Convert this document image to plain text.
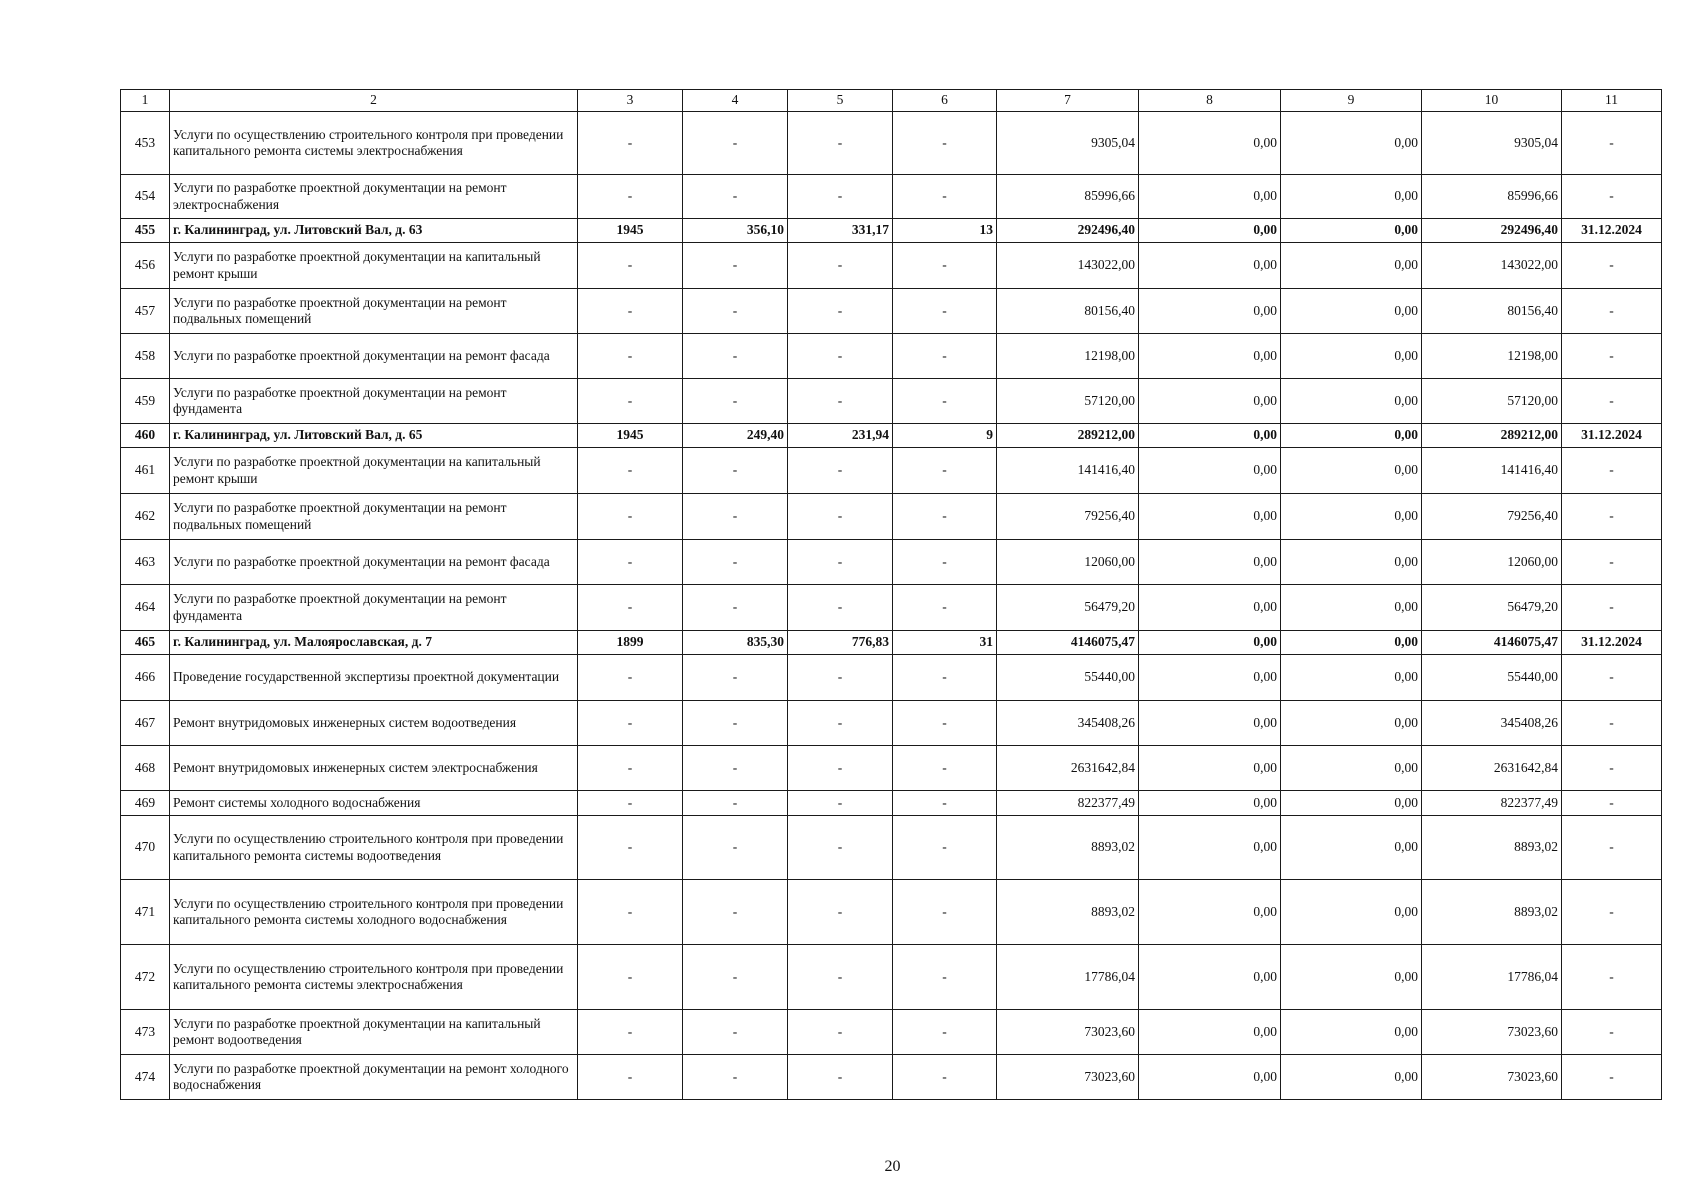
1	2	3	4	5	6	7	8	9	10	11
453	Услуги по осуществлению строительного контроля при проведении капитального ремонта системы электроснабжения	-	-	-	-	9305,04	0,00	0,00	9305,04	-
454	Услуги по разработке проектной документации на ремонт электроснабжения	-	-	-	-	85996,66	0,00	0,00	85996,66	-
455	г. Калининград, ул. Литовский Вал, д. 63	1945	356,10	331,17	13	292496,40	0,00	0,00	292496,40	31.12.2024
456	Услуги по разработке проектной документации на капитальный ремонт крыши	-	-	-	-	143022,00	0,00	0,00	143022,00	-
457	Услуги по разработке проектной документации на ремонт подвальных помещений	-	-	-	-	80156,40	0,00	0,00	80156,40	-
458	Услуги по разработке проектной документации на ремонт фасада	-	-	-	-	12198,00	0,00	0,00	12198,00	-
459	Услуги по разработке проектной документации на ремонт фундамента	-	-	-	-	57120,00	0,00	0,00	57120,00	-
460	г. Калининград, ул. Литовский Вал, д. 65	1945	249,40	231,94	9	289212,00	0,00	0,00	289212,00	31.12.2024
461	Услуги по разработке проектной документации на капитальный ремонт крыши	-	-	-	-	141416,40	0,00	0,00	141416,40	-
462	Услуги по разработке проектной документации на ремонт подвальных помещений	-	-	-	-	79256,40	0,00	0,00	79256,40	-
463	Услуги по разработке проектной документации на ремонт фасада	-	-	-	-	12060,00	0,00	0,00	12060,00	-
464	Услуги по разработке проектной документации на ремонт фундамента	-	-	-	-	56479,20	0,00	0,00	56479,20	-
465	г. Калининград, ул. Малоярославская, д. 7	1899	835,30	776,83	31	4146075,47	0,00	0,00	4146075,47	31.12.2024
466	Проведение государственной экспертизы проектной документации	-	-	-	-	55440,00	0,00	0,00	55440,00	-
467	Ремонт внутридомовых инженерных систем водоотведения	-	-	-	-	345408,26	0,00	0,00	345408,26	-
468	Ремонт внутридомовых инженерных систем электроснабжения	-	-	-	-	2631642,84	0,00	0,00	2631642,84	-
469	Ремонт системы холодного водоснабжения	-	-	-	-	822377,49	0,00	0,00	822377,49	-
470	Услуги по осуществлению строительного контроля при проведении капитального ремонта системы водоотведения	-	-	-	-	8893,02	0,00	0,00	8893,02	-
471	Услуги по осуществлению строительного контроля при проведении капитального ремонта системы холодного водоснабжения	-	-	-	-	8893,02	0,00	0,00	8893,02	-
472	Услуги по осуществлению строительного контроля при проведении капитального ремонта системы электроснабжения	-	-	-	-	17786,04	0,00	0,00	17786,04	-
473	Услуги по разработке проектной документации на капитальный ремонт водоотведения	-	-	-	-	73023,60	0,00	0,00	73023,60	-
474	Услуги по разработке проектной документации на ремонт холодного водоснабжения	-	-	-	-	73023,60	0,00	0,00	73023,60	-
20
